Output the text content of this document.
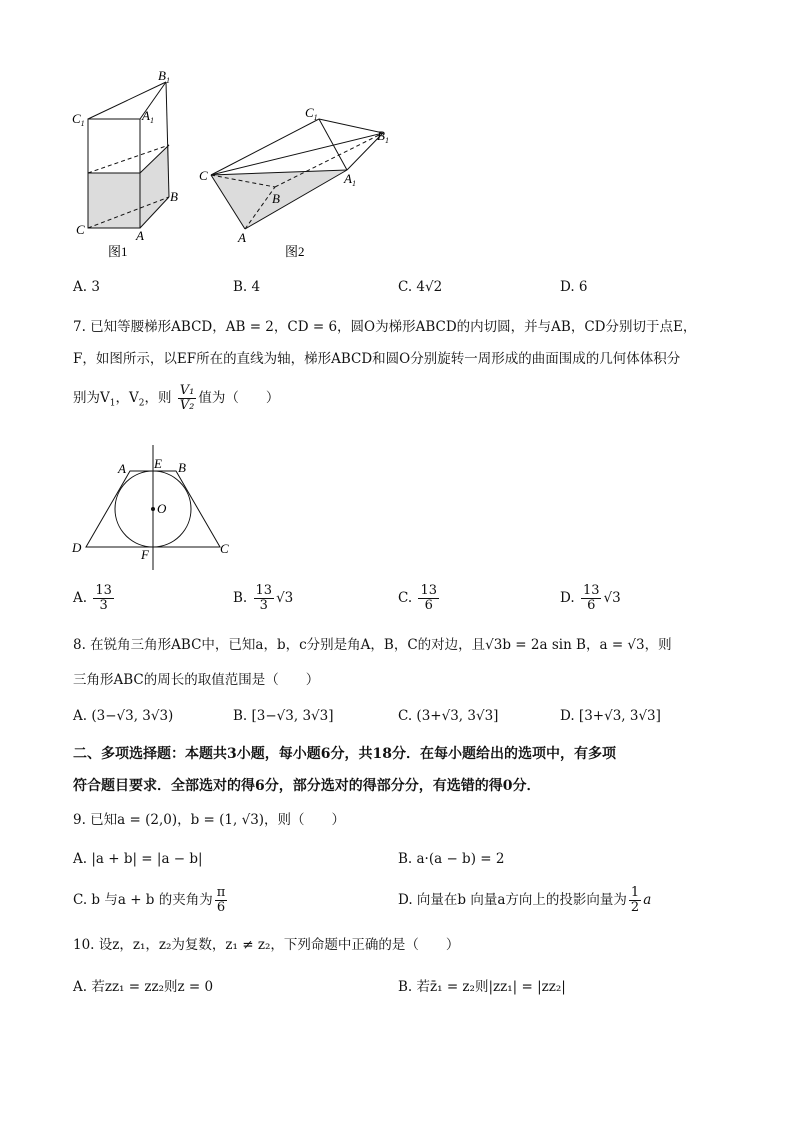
$B_1$
$A_1$
$C_1$
B
C	A
图1
$C_1$
$B_1$
$A_1$
C
B
A
图2
A. 3	B. 4	C. 4√2	D. 6
7. 已知等腰梯形ABCD，AB = 2，CD = 6，圆O为梯形ABCD的内切圆，并与AB，CD分别切于点E，
F，如图所示，以EF所在的直线为轴，梯形ABCD和圆O分别旋转一周形成的曲面围成的几何体体积分
别为$V_1$，$V_2$，则 $\frac{\text{V₁}}{\text{V₂}}$ 值为（　　）
A E B
O
D	F	C
A. $\frac{13}{3}$	B. $\frac{13}{3} √3$	C. $\frac{13}{6}$	D. $\frac{13}{6} √3$
8. 在锐角三角形ABC中，已知a，b，c分别是角A，B，C的对边，且√3b = 2a sin B，a = √3，则
三角形ABC的周长的取值范围是（　　）
A. (3−√3, 3√3)	B. [3−√3, 3√3]	C. (3+√3, 3√3]	D. [3+√3, 3√3]
二、多项选择题：本题共3小题，每小题6分，共18分．在每小题给出的选项中，有多项
符合题目要求．全部选对的得6分，部分选对的得部分分，有选错的得0分．
9. 已知a = (2,0)，b = (1, √3)，则（　　）
A. |a + b| = |a − b|	B. a·(a − b) = 2
C. b 与a + b 的夹角为 $\frac{\pi}{6}$	D. 向量在b 向量a方向上的投影向量为 $\frac{1}{2}$ a
10. 设z，z₁，z₂为复数，z₁ ≠ z₂，下列命题中正确的是（　　）
A. 若zz₁ = zz₂则z = 0	B. 若z̄₁ = z₂则|zz₁| = |zz₂|
